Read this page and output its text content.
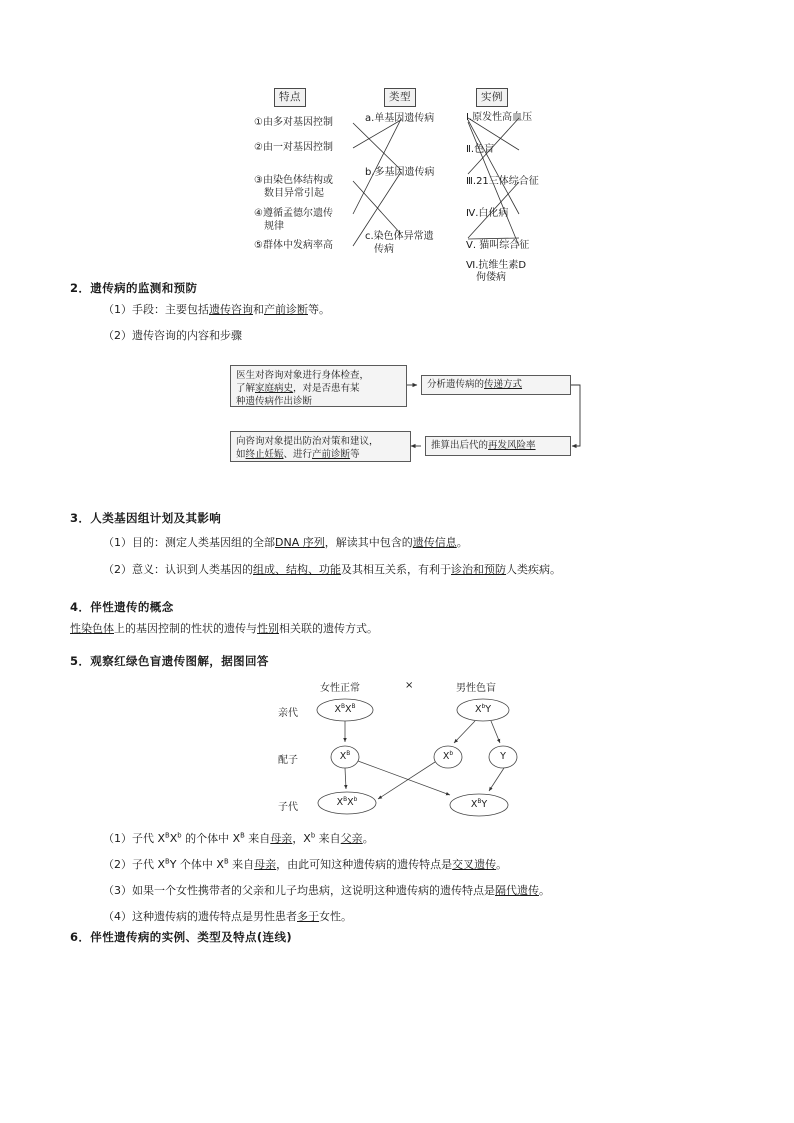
特点	类型	实例
①由多对基因控制
②由一对基因控制
③由染色体结构或
数目异常引起
④遵循孟德尔遗传
规律
⑤群体中发病率高
a.单基因遗传病
b.多基因遗传病
c.染色体异常遗
传病
Ⅰ.原发性高血压
Ⅱ.色盲
Ⅲ.21三体综合征
Ⅳ.白化病
Ⅴ. 猫叫综合征
Ⅵ.抗维生素D
佝偻病
2．遗传病的监测和预防
（1）手段：主要包括遗传咨询和产前诊断等。
（2）遗传咨询的内容和步骤
医生对咨询对象进行身体检查，
了解家庭病史，对是否患有某
种遗传病作出诊断
分析遗传病的传递方式
推算出后代的再发风险率
向咨询对象提出防治对策和建议，
如终止妊娠、进行产前诊断等
3．人类基因组计划及其影响
（1）目的：测定人类基因组的全部DNA 序列，解读其中包含的遗传信息。
（2）意义：认识到人类基因的组成、结构、功能及其相互关系，有利于诊治和预防人类疾病。
4．伴性遗传的概念
性染色体上的基因控制的性状的遗传与性别相关联的遗传方式。
5．观察红绿色盲遗传图解，据图回答
女性正常	×	男性色盲
亲代
配子
子代
$X^BX^B$	$X^bY$
$X^B$	$X^b$	Y
$X^BX^b$	$X^BY$
（1）子代 $X^BX^b$ 的个体中 $X^B$ 来自母亲，$X^b$ 来自父亲。
（2）子代 $X^BY$ 个体中 $X^B$ 来自母亲，由此可知这种遗传病的遗传特点是交叉遗传。
（3）如果一个女性携带者的父亲和儿子均患病，这说明这种遗传病的遗传特点是隔代遗传。
（4）这种遗传病的遗传特点是男性患者多于女性。
6．伴性遗传病的实例、类型及特点(连线)
